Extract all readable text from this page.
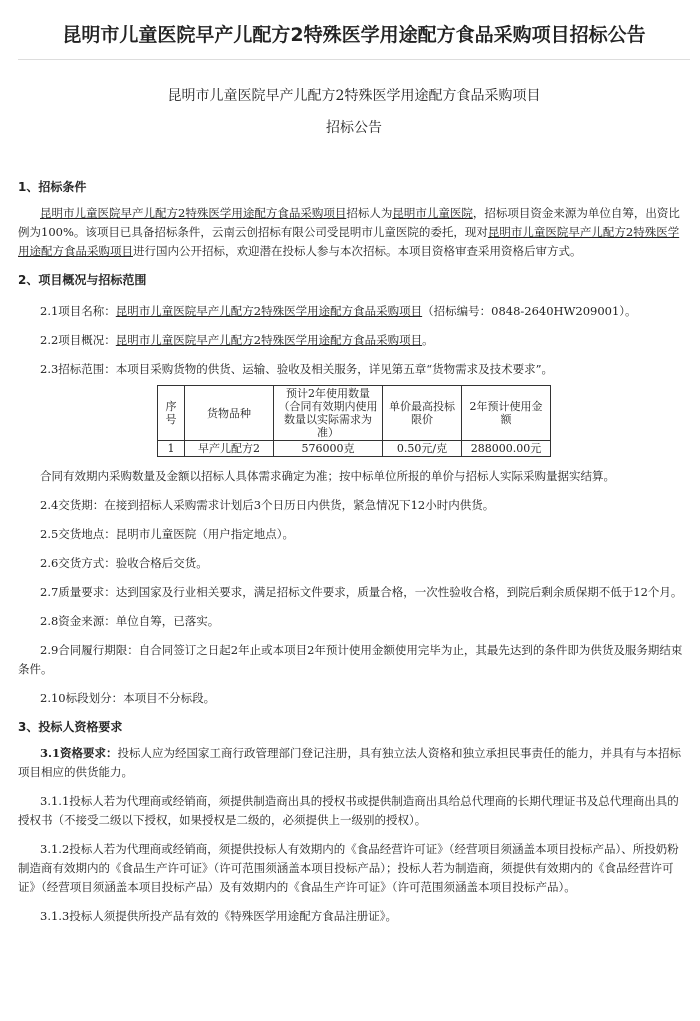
昆明市儿童医院早产儿配方2特殊医学用途配方食品采购项目招标公告
昆明市儿童医院早产儿配方2特殊医学用途配方食品采购项目
招标公告
1、招标条件

昆明市儿童医院早产儿配方2特殊医学用途配方食品采购项目招标人为昆明市儿童医院，招标项目资金来源为单位自筹，出资比例为100%。该项目已具备招标条件，云南云创招标有限公司受昆明市儿童医院的委托，现对昆明市儿童医院早产儿配方2特殊医学用途配方食品采购项目进行国内公开招标，欢迎潜在投标人参与本次招标。本项目资格审查采用资格后审方式。

2、项目概况与招标范围

2.1项目名称：昆明市儿童医院早产儿配方2特殊医学用途配方食品采购项目（招标编号：0848-2640HW209001）。

2.2项目概况：昆明市儿童医院早产儿配方2特殊医学用途配方食品采购项目。

2.3招标范围：本项目采购货物的供货、运输、验收及相关服务，详见第五章“货物需求及技术要求”。

序号	货物品种	预计2年使用数量（合同有效期内使用数量以实际需求为准）	单价最高投标限价	2年预计使用金额
1	早产儿配方2	576000克	0.50元/克	288000.00元

合同有效期内采购数量及金额以招标人具体需求确定为准；按中标单位所报的单价与招标人实际采购量据实结算。

2.4交货期：在接到招标人采购需求计划后3个日历日内供货，紧急情况下12小时内供货。

2.5交货地点：昆明市儿童医院（用户指定地点）。

2.6交货方式：验收合格后交货。

2.7质量要求：达到国家及行业相关要求，满足招标文件要求，质量合格，一次性验收合格，到院后剩余质保期不低于12个月。

2.8资金来源：单位自筹，已落实。

2.9合同履行期限：自合同签订之日起2年止或本项目2年预计使用金额使用完毕为止，其最先达到的条件即为供货及服务期结束条件。

2.10标段划分：本项目不分标段。

3、投标人资格要求

3.1资格要求：投标人应为经国家工商行政管理部门登记注册，具有独立法人资格和独立承担民事责任的能力，并具有与本招标项目相应的供货能力。

3.1.1投标人若为代理商或经销商，须提供制造商出具的授权书或提供制造商出具给总代理商的长期代理证书及总代理商出具的授权书（不接受二级以下授权，如果授权是二级的，必须提供上一级别的授权）。

3.1.2投标人若为代理商或经销商，须提供投标人有效期内的《食品经营许可证》（经营项目须涵盖本项目投标产品）、所投奶粉制造商有效期内的《食品生产许可证》（许可范围须涵盖本项目投标产品）；投标人若为制造商，须提供有效期内的《食品经营许可证》（经营项目须涵盖本项目投标产品）及有效期内的《食品生产许可证》（许可范围须涵盖本项目投标产品）。

3.1.3投标人须提供所投产品有效的《特殊医学用途配方食品注册证》。
